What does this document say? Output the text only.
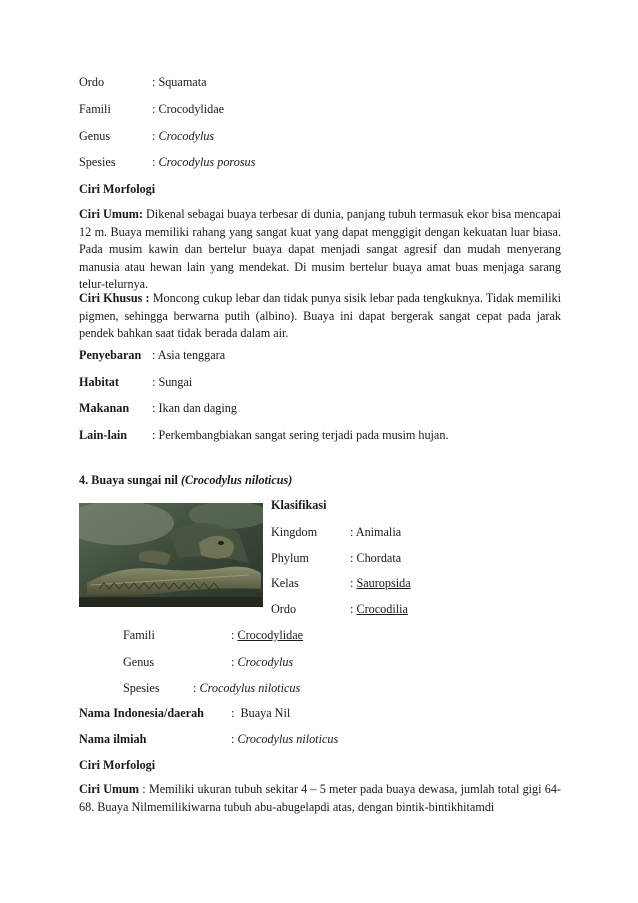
Ordo	: Squamata
Famili	: Crocodylidae
Genus	: Crocodylus
Spesies	: Crocodylus porosus
Ciri Morfologi
Ciri Umum: Dikenal sebagai buaya terbesar di dunia, panjang tubuh termasuk ekor bisa mencapai 12 m. Buaya memiliki rahang yang sangat kuat yang dapat menggigit dengan kekuatan luar biasa. Pada musim kawin dan bertelur buaya dapat menjadi sangat agresif dan mudah menyerang manusia atau hewan lain yang mendekat. Di musim bertelur buaya amat buas menjaga sarang telur-telurnya.
Ciri Khusus : Moncong cukup lebar dan tidak punya sisik lebar pada tengkuknya. Tidak memiliki pigmen, sehingga berwarna putih (albino). Buaya ini dapat bergerak sangat cepat pada jarak pendek bahkan saat tidak berada dalam air.
Penyebaran : Asia tenggara
Habitat	: Sungai
Makanan : Ikan dan daging
Lain-lain : Perkembangbiakan sangat sering terjadi pada musim hujan.
4. Buaya sungai nil (Crocodylus niloticus)
Klasifikasi
Kingdom	: Animalia
Phylum	: Chordata
Kelas	: Sauropsida
Ordo	: Crocodilia
Famili	: Crocodylidae
Genus	: Crocodylus
Spesies	: Crocodylus niloticus
Nama Indonesia/daerah :  Buaya Nil
Nama ilmiah	: Crocodylus niloticus
Ciri Morfologi
Ciri Umum : Memiliki ukuran tubuh sekitar 4 – 5 meter pada buaya dewasa, jumlah total gigi 64-68. Buaya Nilmemilikiwarna tubuh abu-abugelapdi atas, dengan bintik-bintikhitamdi
